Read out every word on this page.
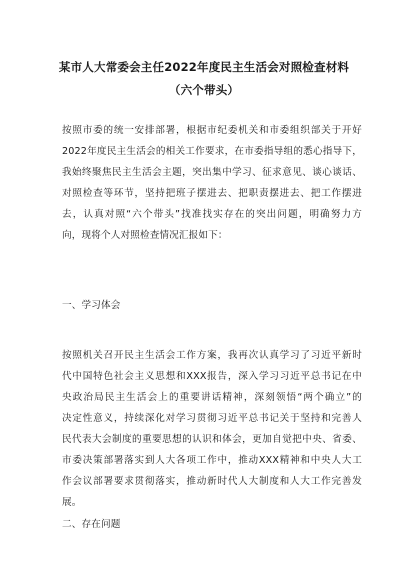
某市人大常委会主任2022年度民主生活会对照检查材料
（六个带头）
按照市委的统一安排部署，根据市纪委机关和市委组织部关于开好
2022年度民主生活会的相关工作要求，在市委指导组的悉心指导下，
我始终聚焦民主生活会主题，突出集中学习、征求意见、谈心谈话、
对照检查等环节，坚持把班子摆进去、把职责摆进去、把工作摆进
去，认真对照“六个带头”找准找实存在的突出问题，明确努力方
向，现将个人对照检查情况汇报如下：
一、学习体会
按照机关召开民主生活会工作方案，我再次认真学习了习近平新时
代中国特色社会主义思想和XXX报告，深入学习习近平总书记在中
央政治局民主生活会上的重要讲话精神，深刻领悟“两个确立”的
决定性意义，持续深化对学习贯彻习近平总书记关于坚持和完善人
民代表大会制度的重要思想的认识和体会，更加自觉把中央、省委、
市委决策部署落实到人大各项工作中，推动XXX精神和中央人大工
作会议部署要求贯彻落实，推动新时代人大制度和人大工作完善发
展。
二、存在问题
